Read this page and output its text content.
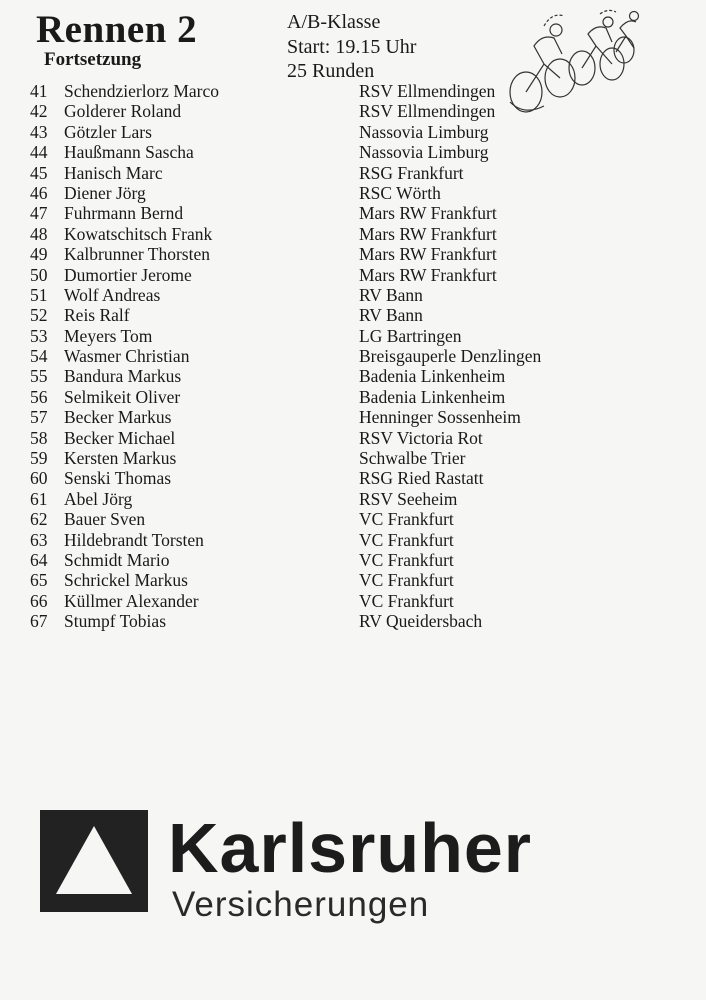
Rennen 2
Fortsetzung
A/B-Klasse
Start: 19.15 Uhr
25 Runden
41 Schendzierlorz Marco	RSV Ellmendingen
42 Golderer Roland	RSV Ellmendingen
43 Götzler Lars	Nassovia Limburg
44 Haußmann Sascha	Nassovia Limburg
45 Hanisch Marc	RSG Frankfurt
46 Diener Jörg	RSC Wörth
47 Fuhrmann Bernd	Mars RW Frankfurt
48 Kowatschitsch Frank	Mars RW Frankfurt
49 Kalbrunner Thorsten	Mars RW Frankfurt
50 Dumortier Jerome	Mars RW Frankfurt
51 Wolf Andreas	RV Bann
52 Reis Ralf	RV Bann
53 Meyers Tom	LG Bartringen
54 Wasmer Christian	Breisgauperle Denzlingen
55 Bandura Markus	Badenia Linkenheim
56 Selmikeit Oliver	Badenia Linkenheim
57 Becker Markus	Henninger Sossenheim
58 Becker Michael	RSV Victoria Rot
59 Kersten Markus	Schwalbe Trier
60 Senski Thomas	RSG Ried Rastatt
61 Abel Jörg	RSV Seeheim
62 Bauer Sven	VC Frankfurt
63 Hildebrandt Torsten	VC Frankfurt
64 Schmidt Mario	VC Frankfurt
65 Schrickel Markus	VC Frankfurt
66 Küllmer Alexander	VC Frankfurt
67 Stumpf Tobias	RV Queidersbach
Karlsruher
Versicherungen
